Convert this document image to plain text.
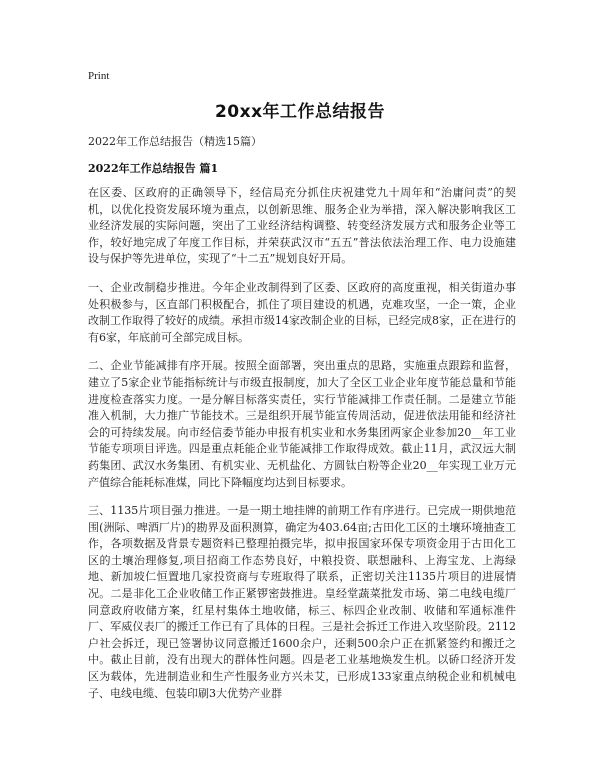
Print
20xx年工作总结报告
2022年工作总结报告（精选15篇）
2022年工作总结报告 篇1

在区委、区政府的正确领导下，经信局充分抓住庆祝建党九十周年和“治庸问责”的契机，以优化投资发展环境为重点，以创新思维、服务企业为举措，深入解决影响我区工业经济发展的实际问题，突出了工业经济结构调整、转变经济发展方式和服务企业等工作，较好地完成了年度工作目标，并荣获武汉市“五五”普法依法治理工作、电力设施建设与保护等先进单位，实现了“十二五”规划良好开局。

一、企业改制稳步推进。今年企业改制得到了区委、区政府的高度重视，相关街道办事处积极参与，区直部门积极配合，抓住了项目建设的机遇，克难攻坚，一企一策，企业改制工作取得了较好的成绩。承担市级14家改制企业的目标，已经完成8家，正在进行的有6家，年底前可全部完成目标。

二、企业节能减排有序开展。按照全面部署，突出重点的思路，实施重点跟踪和监督，建立了5家企业节能指标统计与市级直报制度，加大了全区工业企业年度节能总量和节能进度检查落实力度。一是分解目标落实责任，实行节能减排工作责任制。二是建立节能准入机制，大力推广节能技术。三是组织开展节能宣传周活动，促进依法用能和经济社会的可持续发展。向市经信委节能办申报有机实业和水务集团两家企业参加20__年工业节能专项项目评选。四是重点耗能企业节能减排工作取得成效。截止11月，武汉远大制药集团、武汉水务集团、有机实业、无机盐化、方圆钛白粉等企业20__年实现工业万元产值综合能耗标准煤，同比下降幅度均达到目标要求。

三、1135片项目强力推进。一是一期土地挂牌的前期工作有序进行。已完成一期供地范围(洲际、啤酒厂片)的勘界及面积测算，确定为403.64亩;古田化工区的土壤环境抽查工作，各项数据及背景专题资料已整理拍摄完毕，拟申报国家环保专项资金用于古田化工区的土壤治理修复,项目招商工作态势良好，中粮投资、联想融科、上海宝龙、上海绿地、新加坡仁恒置地几家投资商与专班取得了联系，正密切关注1135片项目的进展情况。二是非化工企业收储工作正紧锣密鼓推进。皇经堂蔬菜批发市场、第二电线电缆厂同意政府收储方案，红星村集体土地收储，标三、标四企业改制、收储和军通标准件厂、军威仪表厂的搬迁工作已有了具体的日程。三是社会拆迁工作进入攻坚阶段。2112户社会拆迁，现已签署协议同意搬迁1600余户，还剩500余户正在抓紧签约和搬迁之中。截止目前，没有出现大的群体性问题。四是老工业基地焕发生机。以硚口经济开发区为载体，先进制造业和生产性服务业方兴未艾，已形成133家重点纳税企业和机械电子、电线电缆、包装印刷3大优势产业群
